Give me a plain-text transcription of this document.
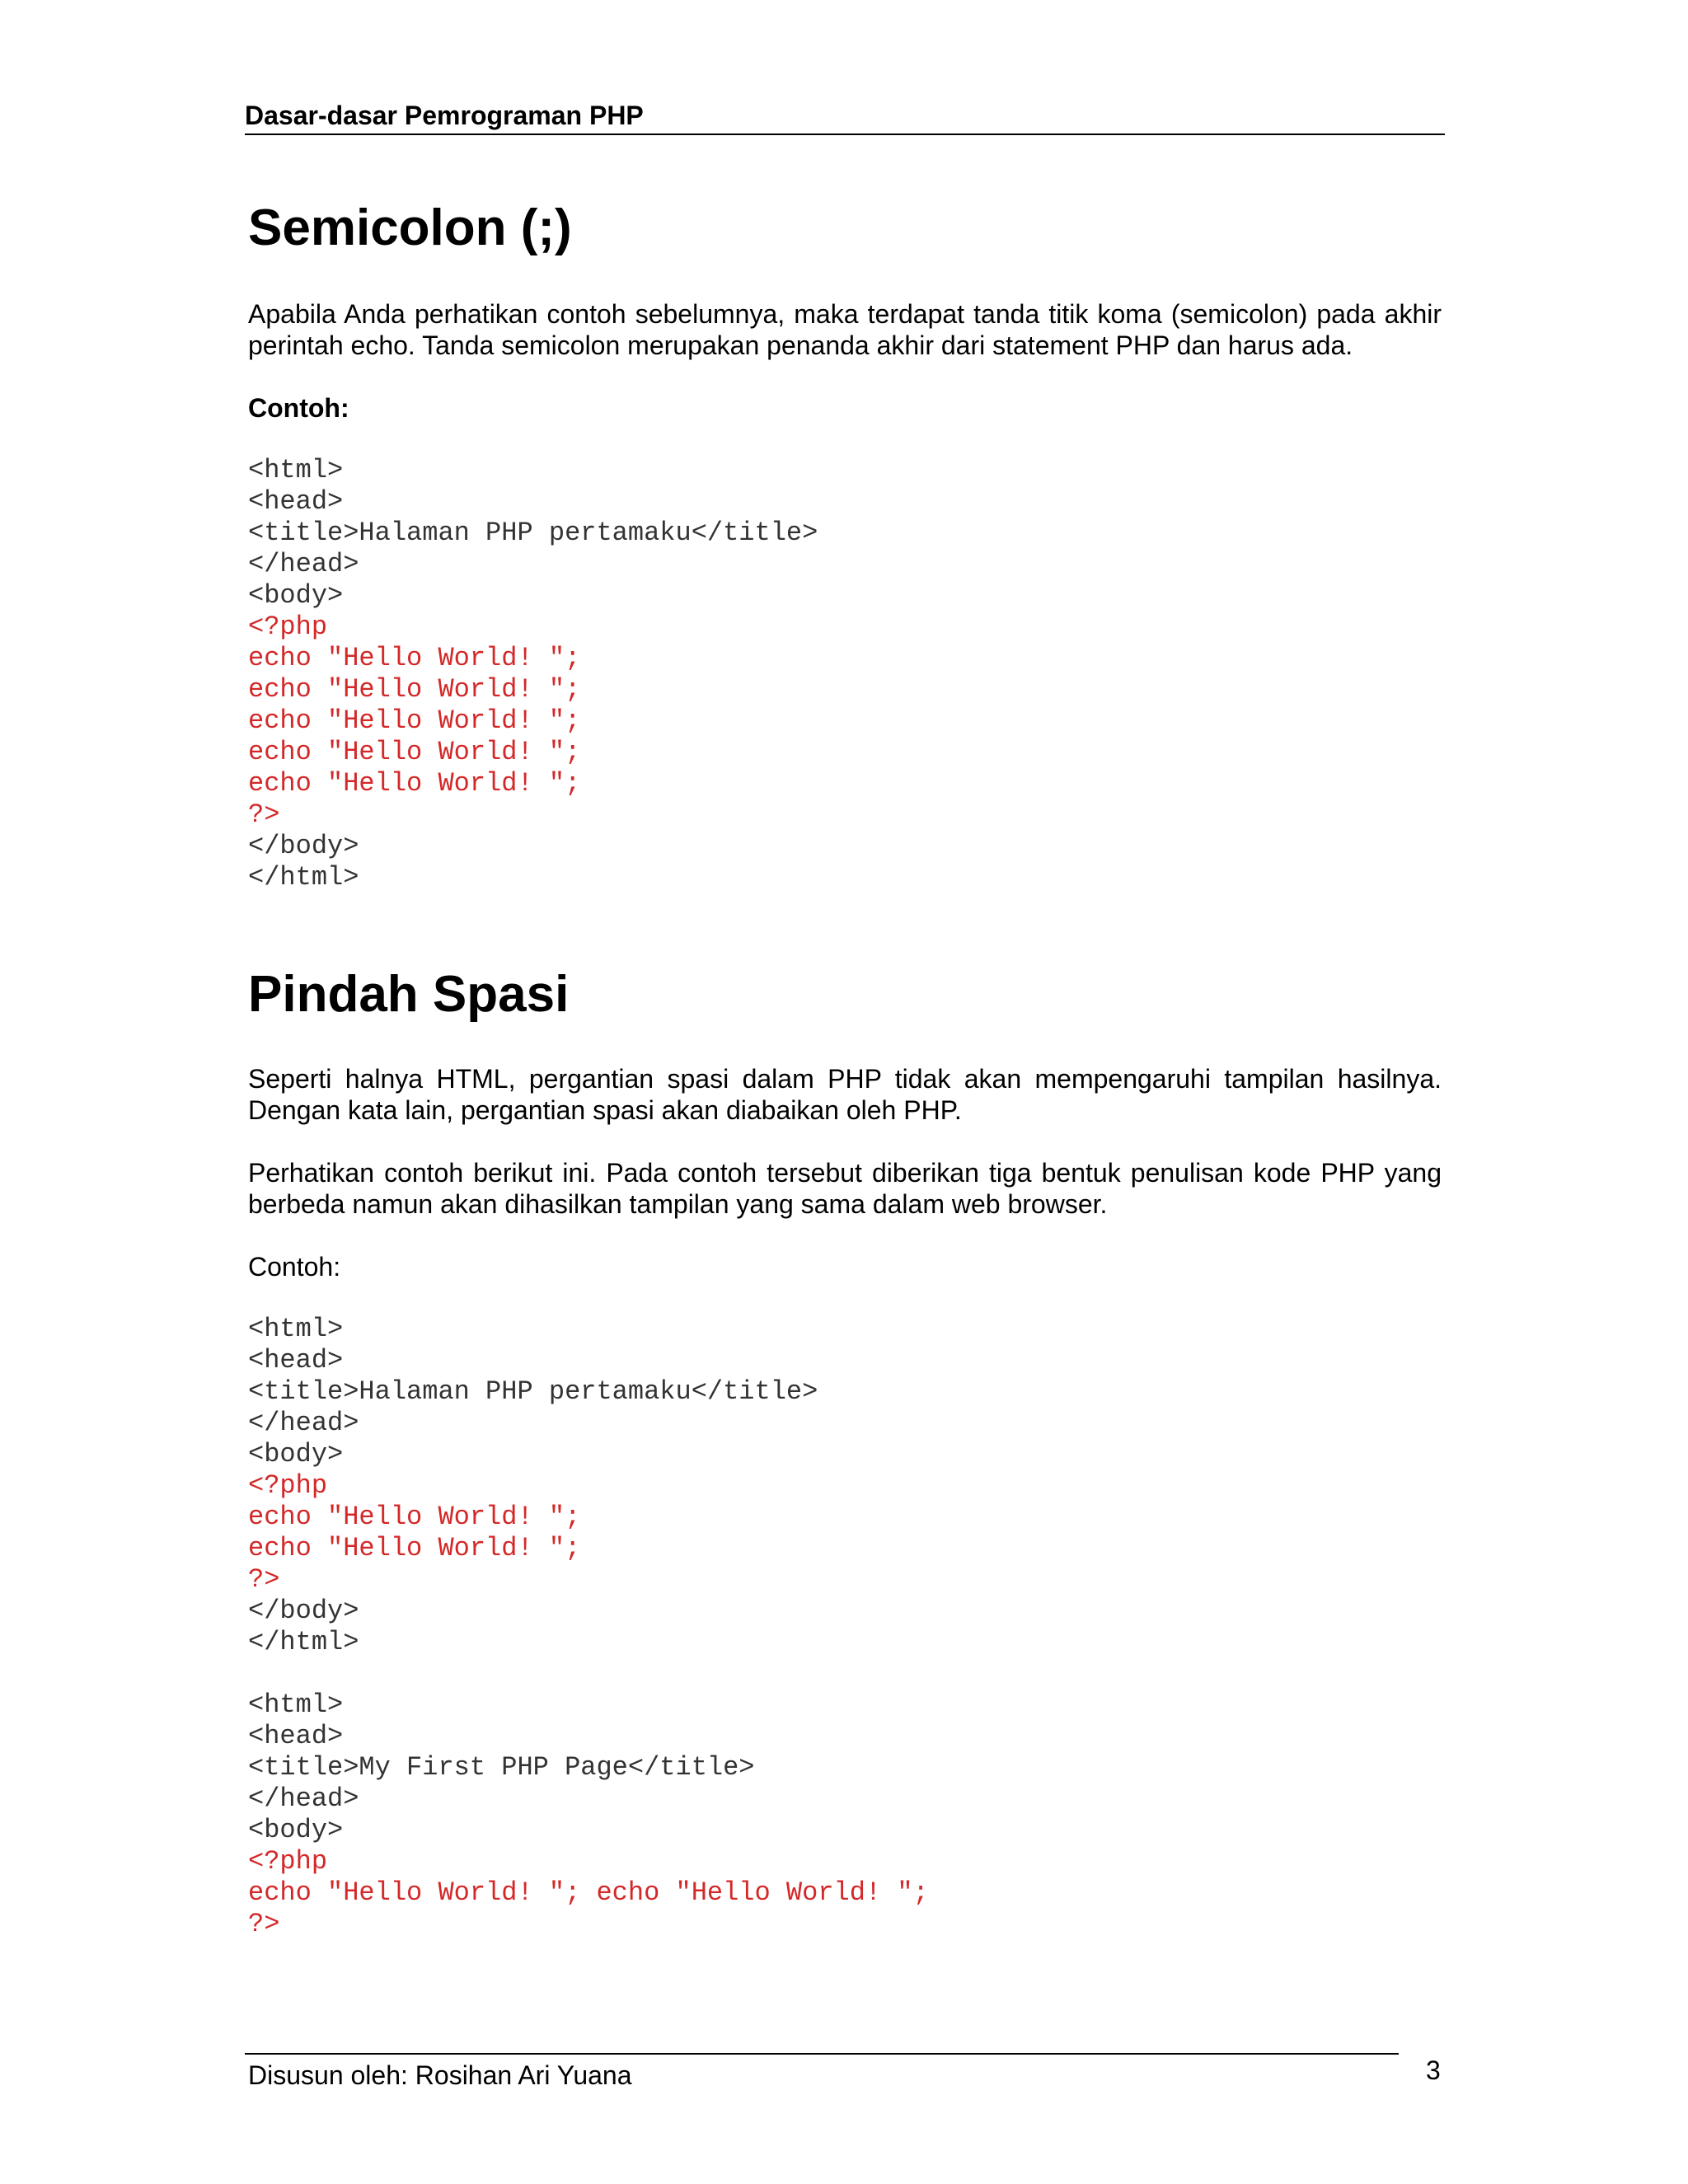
Dasar-dasar Pemrograman PHP
Semicolon (;)

Apabila Anda perhatikan contoh sebelumnya, maka terdapat tanda titik koma (semicolon) pada akhir perintah echo. Tanda semicolon merupakan penanda akhir dari statement PHP dan harus ada.

Contoh:
<html>
<head>
<title>Halaman PHP pertamaku</title>
</head>
<body>
<?php
echo "Hello World! ";
echo "Hello World! ";
echo "Hello World! ";
echo "Hello World! ";
echo "Hello World! ";
?>
</body>
</html>
Pindah Spasi

Seperti halnya HTML, pergantian spasi dalam PHP tidak akan mempengaruhi tampilan hasilnya. Dengan kata lain, pergantian spasi akan diabaikan oleh PHP.

Perhatikan contoh berikut ini. Pada contoh tersebut diberikan tiga bentuk penulisan kode PHP yang berbeda namun akan dihasilkan tampilan yang sama dalam web browser.

Contoh:
<html>
<head>
<title>Halaman PHP pertamaku</title>
</head>
<body>
<?php
echo "Hello World! ";
echo "Hello World! ";
?>
</body>
</html>
<html>
<head>
<title>My First PHP Page</title>
</head>
<body>
<?php
echo "Hello World! "; echo "Hello World! ";
?>
Disusun oleh: Rosihan Ari Yuana	3
